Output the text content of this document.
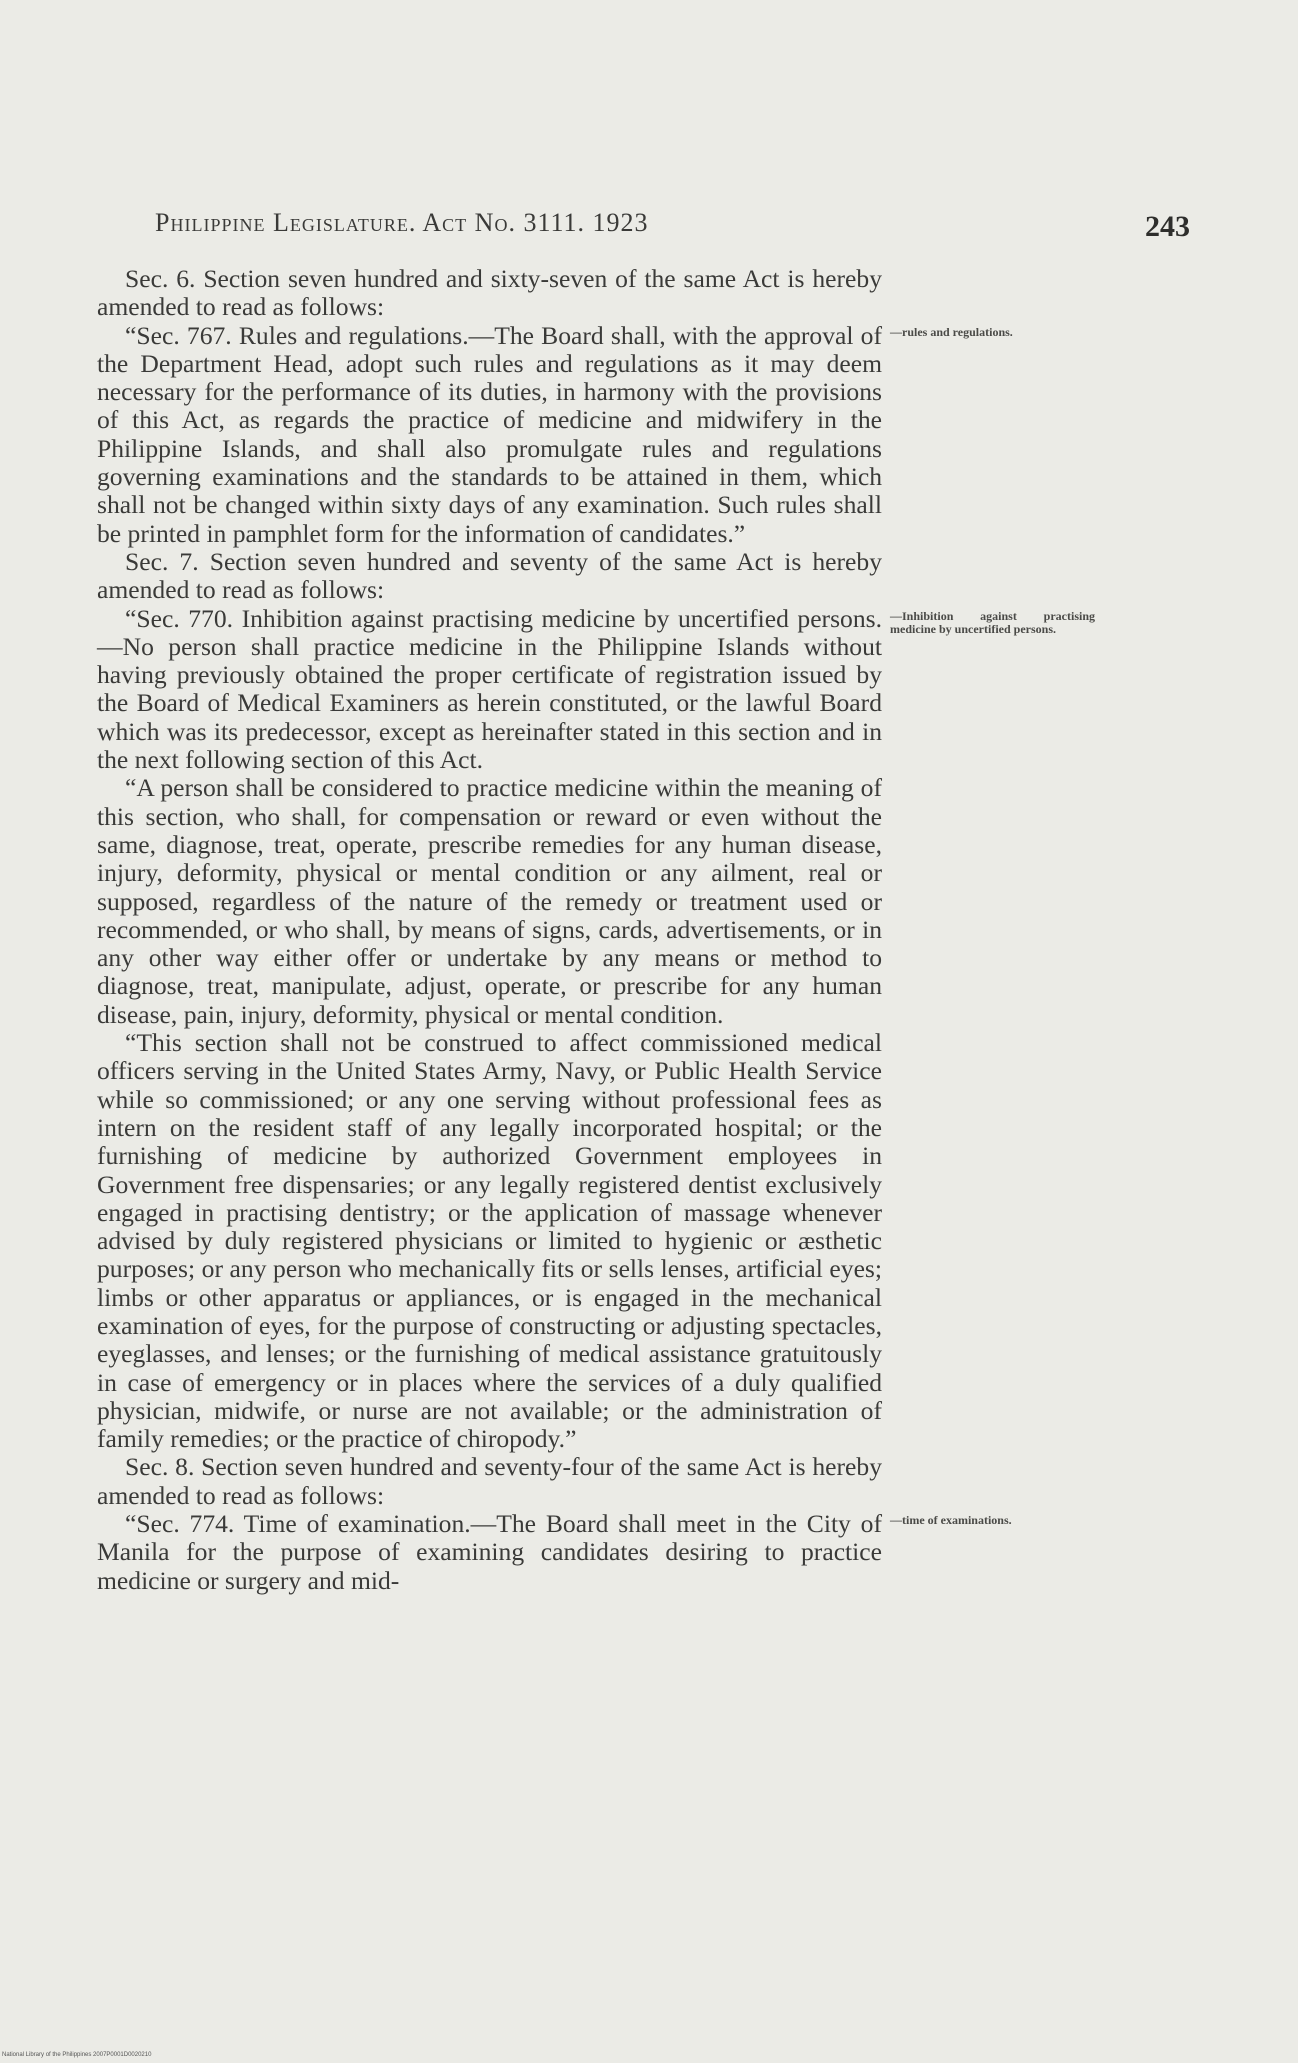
Philippine Legislature. Act No. 3111. 1923	243

Sec. 6. Section seven hundred and sixty-seven of the same Act is hereby amended to read as follows:

“Sec. 767. Rules and regulations.—The Board shall, with the approval of the Department Head, adopt such rules and regulations as it may deem necessary for the performance of its duties, in harmony with the provisions of this Act, as regards the practice of medicine and midwifery in the Philippine Islands, and shall also promulgate rules and regulations governing examinations and the standards to be attained in them, which shall not be changed within sixty days of any examination. Such rules shall be printed in pamphlet form for the information of candidates.”

—rules and regulations.

Sec. 7. Section seven hundred and seventy of the same Act is hereby amended to read as follows:

“Sec. 770. Inhibition against practising medicine by uncertified persons.—No person shall practice medicine in the Philippine Islands without having previously obtained the proper certificate of registration issued by the Board of Medical Examiners as herein constituted, or the lawful Board which was its predecessor, except as hereinafter stated in this section and in the next following section of this Act.

—Inhibition against practising medicine by uncertified persons.

“A person shall be considered to practice medicine within the meaning of this section, who shall, for compensation or reward or even without the same, diagnose, treat, operate, prescribe remedies for any human disease, injury, deformity, physical or mental condition or any ailment, real or supposed, regardless of the nature of the remedy or treatment used or recommended, or who shall, by means of signs, cards, advertisements, or in any other way either offer or undertake by any means or method to diagnose, treat, manipulate, adjust, operate, or prescribe for any human disease, pain, injury, deformity, physical or mental condition.

“This section shall not be construed to affect commissioned medical officers serving in the United States Army, Navy, or Public Health Service while so commissioned; or any one serving without professional fees as intern on the resident staff of any legally incorporated hospital; or the furnishing of medicine by authorized Government employees in Government free dispensaries; or any legally registered dentist exclusively engaged in practising dentistry; or the application of massage whenever advised by duly registered physicians or limited to hygienic or æsthetic purposes; or any person who mechanically fits or sells lenses, artificial eyes; limbs or other apparatus or appliances, or is engaged in the mechanical examination of eyes, for the purpose of constructing or adjusting spectacles, eyeglasses, and lenses; or the furnishing of medical assistance gratuitously in case of emergency or in places where the services of a duly qualified physician, midwife, or nurse are not available; or the administration of family remedies; or the practice of chiropody.”

Sec. 8. Section seven hundred and seventy-four of the same Act is hereby amended to read as follows:

“Sec. 774. Time of examination.—The Board shall meet in the City of Manila for the purpose of examining candidates desiring to practice medicine or surgery and mid-

—time of examinations.
National Library of the Philippines 2007P0001D0020210
